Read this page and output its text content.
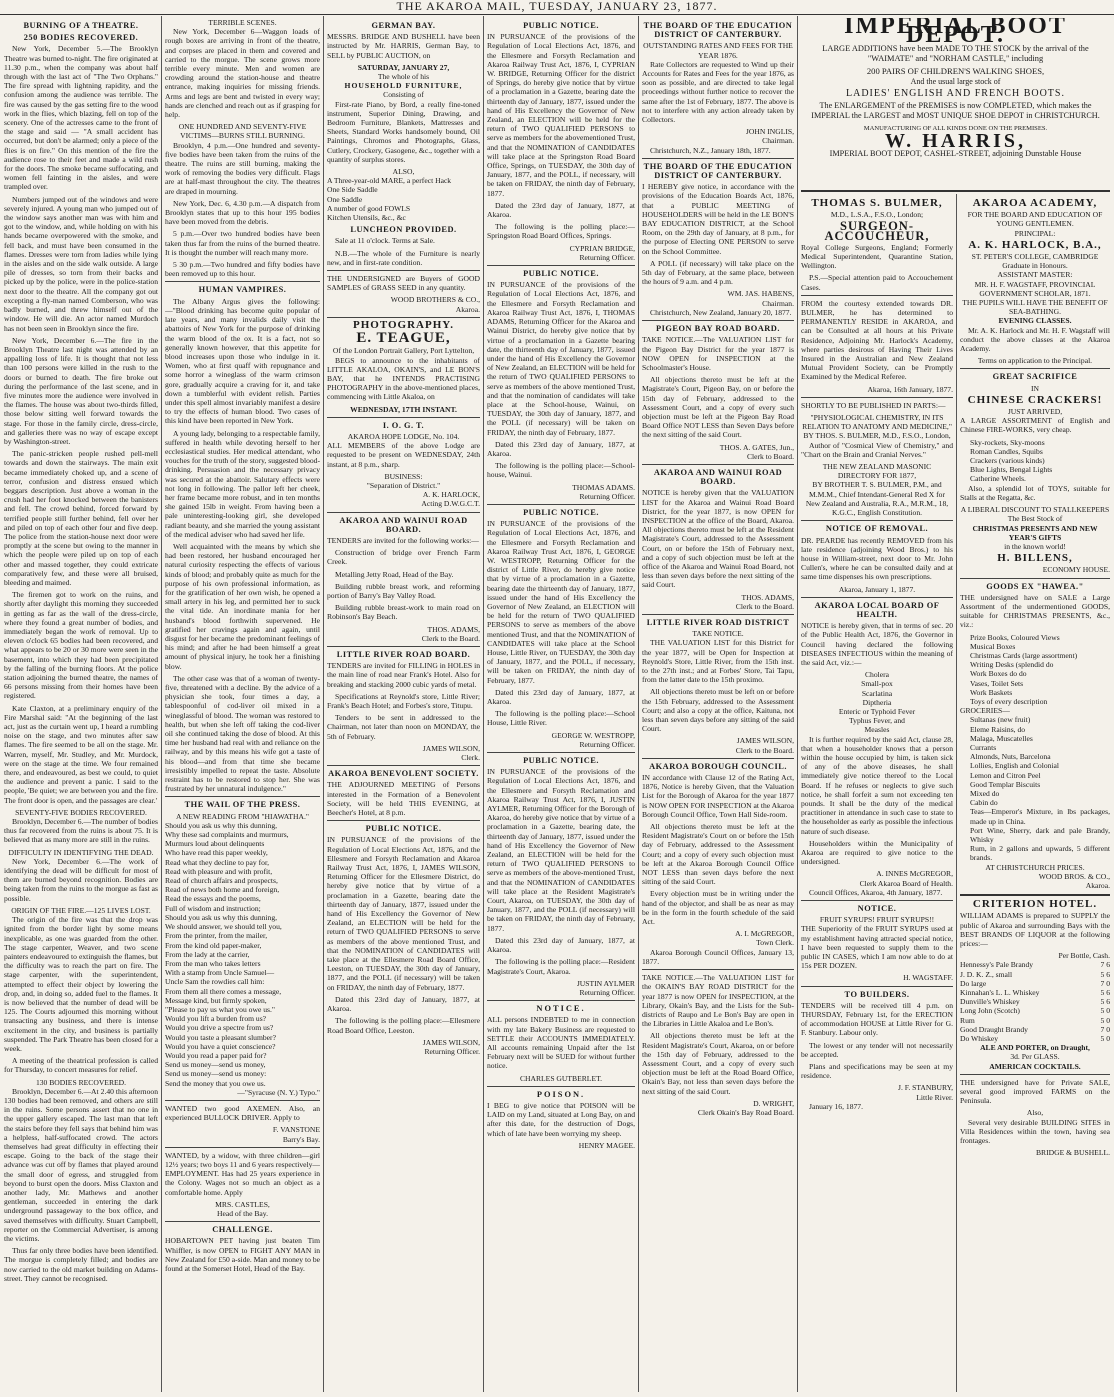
THE AKAROA MAIL, TUESDAY, JANUARY 23, 1877.
BURNING OF A THEATRE.
250 BODIES RECOVERED.

New York, December 5.—The Brooklyn Theatre was burned to-night. The fire originated at 11.30 p.m., when the company was about half through with the last act of "The Two Orphans." The fire spread with lightning rapidity, and the confusion among the audience was terrible. The fire was caused by the gas setting fire to the wood work in the flies, which blazing, fell on top of the scenery. One of the actresses came to the front of the stage and said — "A small accident has occurred, but don't be alarmed; only a piece of the flies is on fire." On this mention of the fire the audience rose to their feet and made a wild rush for the doors. The smoke became suffocating, and women fell fainting in the aisles, and were trampled over.

Numbers jumped out of the windows and were severely injured. A young man who jumped out of the window says another man was with him and got to the window, and, while holding on with his hands became overpowered with the smoke, and fell back, and must have been consumed in the flames. Dresses were torn from ladies while lying in the aisles and on the side walk outside. A large pile of dresses, so torn from their backs and picked up by the police, were in the police-station next door to the theatre. All the company got out excepting a fly-man named Comberson, who was badly burned, and threw himself out of the window. He will die. An actor named Murdoch has not been seen in Brooklyn since the fire.

New York, December 6.—The fire in the Brooklyn Theatre last night was attended by an appalling loss of life. It is thought that not less than 100 persons were killed in the rush to the doors or burned to death. The fire broke out during the performance of the last scene, and in five minutes more the audience were involved in the flames. The house was about two-thirds filled, those below sitting well forward towards the stage. For those in the family circle, dress-circle, and galleries there was no way of escape except by Washington-street.

The panic-stricken people rushed pell-mell towards and down the stairways. The main exit became immediately choked up, and a scene of terror, confusion and distress ensued which beggars description. Just above a woman in the crush had her foot knocked between the banisters and fell. The crowd behind, forced forward by terrified people still further behind, fell over her and piled on top of each other four and five deep. The police from the station-house next door were promptly at the scene but owing to the manner in which the people were piled up on top of each other and massed together, they could extricate comparatively few, and these were all bruised, bleeding and maimed.

The firemen got to work on the ruins, and shortly after daylight this morning they succeeded in getting as far as the wall of the dress-circle, where they found a great number of bodies, and immediately began the work of removal. Up to eleven o'clock 65 bodies had been recovered, and what appears to be 20 or 30 more were seen in the basement, into which they had been precipitated by the falling of the burning floors. At the police station adjoining the burned theatre, the names of 66 persons missing from their homes have been registered.

Kate Claxton, at a preliminary enquiry of the Fire Marshal said: "At the beginning of the last act, just as the curtain went up, I heard a rumbling noise on the stage, and two minutes after saw flames. The fire seemed to be all on the stage. Mr. Warren, myself, Mr. Studley, and Mr. Murdock, were on the stage at the time. We four remained there, and endeavoured, as best we could, to quiet the audience and prevent a panic. I said to the people, 'Be quiet; we are between you and the fire. The front door is open, and the passages are clear.'

SEVENTY-FIVE BODIES RECOVERED.

Brooklyn, December 6.—The number of bodies thus far recovered from the ruins is about 75. It is believed that as many more are still in the ruins.

DIFFICULTY IN IDENTIFYING THE DEAD.

New York, December 6.—The work of identifying the dead will be difficult for most of them are burned beyond recognition. Bodies are being taken from the ruins to the morgue as fast as possible.

ORIGIN OF THE FIRE.—125 LIVES LOST.

The origin of the fire was that the drop was ignited from the border light by some means inexplicable, as one was guarded from the other. The stage carpenter, Weaver, and two scene painters endeavoured to extinguish the flames, but the difficulty was to reach the part on fire. The stage carpenter, with the superintendent, attempted to effect their object by lowering the drop, and, in doing so, added fuel to the flames. It is now believed that the number of dead will be 125. The Courts adjourned this morning without transacting any business, and there is intense excitement in the city, and business is partially suspended. The Park Theatre has been closed for a week.

A meeting of the theatrical profession is called for Thursday, to concert measures for relief.

130 BODIES RECOVERED.

Brooklyn, December 6.—At 2.40 this afternoon 130 bodies had been removed, and others are still in the ruins. Some persons assert that no one in the upper gallery escaped. The last man that left the stairs before they fell says that behind him was a helpless, half-suffocated crowd. The actors themselves had great difficulty in effecting their escape. Going to the back of the stage their advance was cut off by flames that played around the small door of egress, and struggled from beyond to burst open the doors. Miss Claxton and another lady, Mr. Mathews and another gentleman, succeeded in entering the dark underground passageway to the box office, and saved themselves with difficulty. Stuart Campbell, reporter on the Commercial Advertiser, is among the victims.

Thus far only three bodies have been identified. The morgue is completely filled; and bodies are now carried to the old market building on Adams-street. They cannot be recognised.

TERRIBLE SCENES.

New York, December 6—Waggon loads of rough boxes are arriving in front of the theatre, and corpses are placed in them and covered and carried to the morgue. The scene grows more terrible every minute. Men and women are crowding around the station-house and theatre entrance, making inquiries for missing friends. Arms and legs are bent and twisted in every way; hands are clenched and reach out as if grasping for help.

ONE HUNDRED AND SEVENTY-FIVE VICTIMS—BURNS STILL BURNING.

Brooklyn, 4 p.m.—One hundred and seventy-five bodies have been taken from the ruins of the theatre. The ruins are still burning, making the work of removing the bodies very difficult. Flags are at half-mast throughout the city. The theatres are draped in mourning.

New York, Dec. 6, 4.30 p.m.—A dispatch from Brooklyn states that up to this hour 195 bodies have been moved from the debris.

5 p.m.—Over two hundred bodies have been taken thus far from the ruins of the burned theatre. It is thought the number will reach many more.

5 30 p.m.—Two hundred and fifty bodies have been removed up to this hour.

HUMAN VAMPIRES.

The Albany Argus gives the following:—"Blood drinking has become quite popular of late years, and many invalids daily visit the abattoirs of New York for the purpose of drinking the warm blood of the ox. It is a fact, not so generally known however, that this appetite for blood increases upon those who indulge in it. Women, who at first quaff with repugnance and some horror a wineglass of the warm crimson gore, gradually acquire a craving for it, and take down a tumblerful with evident relish. Parties under this spell almost invariably manifest a desire to try the effects of human blood. Two cases of this kind have been reported in New York.

A young lady, belonging to a respectable family, suffered in health while devoting herself to her ecclesiastical studies. Her medical attendant, who vouches for the truth of the story, suggested blood-drinking. Persuasion and the necessary privacy was secured at the abattoir. Salutary effects were not long in following. The pallor left her cheek, her frame became more robust, and in ten months she gained 15lb in weight. From having been a pale uninteresting-looking girl, she developed radiant beauty, and she married the young assistant of the medical adviser who had saved her life.

Well acquainted with the means by which she had been restored, her husband encouraged her natural curiosity respecting the effects of various kinds of blood; and probably quite as much for the purpose of his own professional information, as for the gratification of her own wish, he opened a small artery in his leg, and permitted her to suck the vital tide. An inordinate mania for her husband's blood forthwith supervened. He gratified her cravings again and again, until disgust for her became the predominant feelings of his mind; and after he had been himself a great amount of physical injury, he took her a finishing blow.

The other case was that of a woman of twenty-five, threatened with a decline. By the advice of a physician she took, four times a day, a tablespoonful of cod-liver oil mixed in a wineglassful of blood. The woman was restored to health, but when she left off taking the cod-liver oil she continued taking the dose of blood. At this time her husband had real with and reliance on the railway, and by this means his wife got a taste of his blood—and from that time she became irresistibly impelled to repeat the taste. Absolute restraint has to be restored to stop her. She was frustrated by her unnatural indulgence."

THE WAIL OF THE PRESS.
A NEW READING FROM "HIAWATHA."
Should you ask us why this dunning,
Why these sad complaints and murmurs,
Murmurs loud about delinquents
Who have read this paper weekly,
Read what they decline to pay for,
Read with pleasure and with profit,
Read of church affairs and prospects,
Read of news both home and foreign,
Read the essays and the poems,
Full of wisdom and instruction;
Should you ask us why this dunning,
We should answer, we should tell you,
From the printer, from the mailer,
From the kind old paper-maker,
From the lady at the carrier,
From the man who takes letters
With a stamp from Uncle Samuel—
Uncle Sam the rowdies call him:
From them all there comes a message,
Message kind, but firmly spoken,
"Please to pay us what you owe us."
Would you lift a burden from us?
Would you drive a spectre from us?
Would you taste a pleasant slumber?
Would you have a quiet conscience?
Would you read a paper paid for?
Send us money—send us money,
Send us money—send us money:
Send the money that you owe us.
—"Syracuse (N. Y.) Typo."

WANTED two good AXEMEN. Also, an experienced BULLOCK DRIVER. Apply to

F. VANSTONE
Barry's Bay.

WANTED, by a widow, with three children—girl 12½ years; two boys 11 and 6 years respectively—EMPLOYMENT. Has had 25 years experience in the Colony. Wages not so much an object as a comfortable home. Apply

MRS. CASTLES,
Head of the Bay.
CHALLENGE.

HOBARTOWN PET having just beaten Tim Whiffler, is now OPEN to FIGHT ANY MAN in New Zealand for £50 a-side. Man and money to be found at the Somerset Hotel, Head of the Bay.

GERMAN BAY.

MESSRS. BRIDGE AND BUSHELL have been instructed by Mr. HARRIS, German Bay, to SELL by PUBLIC AUCTION, on

SATURDAY, JANUARY 27,
The whole of his
HOUSEHOLD FURNITURE,
Consisting of

First-rate Piano, by Bord, a really fine-toned instrument, Superior Dining, Drawing, and Bedroom Furniture, Blankets, Mattresses and Sheets, Standard Works handsomely bound, Oil Paintings, Chromos and Photographs, Glass, Cutlery, Crockery, Gasogene, &c., together with a quantity of surplus stores.

ALSO,
A Three-year-old MARE, a perfect Hack
One Side Saddle
One Saddle
A number of good FOWLS
Kitchen Utensils, &c., &c
LUNCHEON PROVIDED.

Sale at 11 o'clock. Terms at Sale.

N.B.—The whole of the Furniture is nearly new, and in first-rate condition.

THE UNDERSIGNED are Buyers of GOOD SAMPLES of GRASS SEED in any quantity.

WOOD BROTHERS & CO.,
Akaroa.
PHOTOGRAPHY.
E. TEAGUE,
Of the London Portrait Gallery, Port Lyttelton,

BEGS to announce to the inhabitants of LITTLE AKALOA, OKAIN'S, and LE BON'S BAY, that he INTENDS PRACTISING PHOTOGRAPHY in the above-mentioned places, commencing with Little Akaloa, on

WEDNESDAY, 17TH INSTANT.
I. O. G. T.
AKAROA HOPE LODGE, No. 104.

ALL MEMBERS of the above Lodge are requested to be present on WEDNESDAY, 24th instant, at 8 p.m., sharp.

BUSINESS:
"Separation of District."
A. K. HARLOCK,
Acting D.W.G.C.T.
AKAROA AND WAINUI ROAD BOARD.

TENDERS are invited for the following works:—

Construction of bridge over French Farm Creek.

Metalling Jetty Road, Head of the Bay.

Building rubble breast work, and reforming portion of Barry's Bay Valley Road.

Building rubble breast-work to main road on Robinson's Bay Beach.

THOS. ADAMS,
Clerk to the Board.
LITTLE RIVER ROAD BOARD.

TENDERS are invited for FILLING in HOLES in the main line of road near Frank's Hotel. Also for breaking and stacking 2000 cubic yards of metal.

Specifications at Reynold's store, Little River; Frank's Beach Hotel; and Forbes's store, Titupu.

Tenders to be sent in addressed to the Chairman, not later than noon on MONDAY, the 5th of February.

JAMES WILSON,
Clerk.
AKAROA BENEVOLENT SOCIETY.

THE ADJOURNED MEETING of Persons interested in the Formation of a Benevolent Society, will be held THIS EVENING, at Beecher's Hotel, at 8 p.m.

PUBLIC NOTICE.

IN PURSUANCE of the provisions of the Regulation of Local Elections Act, 1876, and the Ellesmere and Forsyth Reclamation and Akaroa Railway Trust Act, 1876, I, JAMES WILSON, Returning Officer for the Ellesmere District, do hereby give notice that by virtue of a proclamation in a Gazette, bearing date the thirteenth day of January, 1877, issued under the hand of His Excellency the Governor of New Zealand, an ELECTION will be held for the return of TWO QUALIFIED PERSONS to serve as members of the above mentioned Trust, and that the NOMINATION of CANDIDATES will take place at the Ellesmere Road Board Office, Leeston, on TUESDAY, the 30th day of January, 1877, and the POLL (if necessary) will be taken on FRIDAY, the ninth day of February, 1877.

Dated this 23rd day of January, 1877, at Akaroa.

The following is the polling place:—Ellesmere Road Board Office, Leeston.

JAMES WILSON,
Returning Officer.
PUBLIC NOTICE.

IN PURSUANCE of the provisions of the Regulation of Local Elections Act, 1876, and the Ellesmere and Forsyth Reclamation and Akaroa Railway Trust Act, 1876, I, CYPRIAN W. BRIDGE, Returning Officer for the district of Springs, do hereby give notice that by virtue of a proclamation in a Gazette, bearing date the thirteenth day of January, 1877, issued under the hand of His Excellency the Governor of New Zealand, an ELECTION will be held for the return of TWO QUALIFIED PERSONS to serve as members for the abovementioned Trust, and that the NOMINATION of CANDIDATES will take place at the Springston Road Board Office, Springs, on TUESDAY, the 30th day of January, 1877, and the POLL, if necessary, will be taken on FRIDAY, the ninth day of February, 1877.

Dated the 23rd day of January, 1877, at Akaroa.

The following is the polling place:—Springston Road Board Offices, Springs.

CYPRIAN BRIDGE,
Returning Officer.
PUBLIC NOTICE.

IN PURSUANCE of the provisions of the Regulation of Local Elections Act, 1876, and the Ellesmere and Forsyth Reclamation and Akaroa Railway Trust Act, 1876, I, THOMAS ADAMS, Returning Officer for the Akaroa and Wainui District, do hereby give notice that by virtue of a proclamation in a Gazette bearing date, the thirteenth day of January, 1877, issued under the hand of His Excellency the Governor of New Zealand, an ELECTION will be held for the return of TWO QUALIFIED PERSONS to serve as members of the above mentioned Trust, and that the nomination of candidates will take place at the School-house, Wainui, on TUESDAY, the 30th day of January, 1877, and the POLL (if necessary) will be taken on FRIDAY, the ninth day of February, 1877.

Dated this 23rd day of January, 1877, at Akaroa.

The following is the polling place:—School-house, Wainui.

THOMAS ADAMS.
Returning Officer.
PUBLIC NOTICE.

IN PURSUANCE of the provisions of the Regulation of Local Elections Act, 1876, and the Ellesmere and Forsyth Reclamation and Akaroa Railway Trust Act, 1876, I, GEORGE W. WESTROPP, Returning Officer for the district of Little River, do hereby give notice that by virtue of a proclamation in a Gazette, bearing date the thirteenth day of January, 1877, issued under the hand of His Excellency the Governor of New Zealand, an ELECTION will be held for the return of TWO QUALIFIED PERSONS to serve as members of the above mentioned Trust, and that the NOMINATION of CANDIDATES will take place at the School House, Little River, on TUESDAY, the 30th day of January, 1877, and the POLL, if necessary, will be taken on FRIDAY, the ninth day of February, 1877.

Dated this 23rd day of January, 1877, at Akaroa.

The following is the polling place:—School House, Little River.

GEORGE W. WESTROPP,
Returning Officer.
PUBLIC NOTICE.

IN PURSUANCE of the provisions of the Regulation of Local Elections Act, 1876, and the Ellesmere and Forsyth Reclamation and Akaroa Railway Trust Act, 1876, I, JUSTIN AYLMER, Returning Officer for the Borough of Akaroa, do hereby give notice that by virtue of a proclamation in a Gazette, bearing date, the thirteenth day of January, 1877, issued under the hand of His Excellency the Governor of New Zealand, an ELECTION will be held for the return of TWO QUALIFIED PERSONS to serve as members of the above-mentioned Trust, and that the NOMINATION of CANDIDATES will take place at the Resident Magistrate's Court, Akaroa, on TUESDAY, the 30th day of January, 1877, and the POLL (if necessary) will be taken on FRIDAY, the ninth day of February, 1877.

Dated this 23rd day of January, 1877, at Akaroa.

The following is the polling place:—Resident Magistrate's Court, Akaroa.

JUSTIN AYLMER
Returning Officer.
NOTICE.

ALL persons INDEBTED to me in connection with my late Bakery Business are requested to SETTLE their ACCOUNTS IMMEDIATELY. All accounts remaining Unpaid after the 1st February next will be SUED for without further notice.

CHARLES GUTBERLET.
POISON.

I BEG to give notice that POISON will be LAID on my Land, situated at Long Bay, on and after this date, for the destruction of Dogs, which of late have been worrying my sheep.

HENRY MAGEE.
THE BOARD OF THE EDUCATION DISTRICT OF CANTERBURY.
OUTSTANDING RATES AND FEES FOR THE YEAR 1876.

Rate Collectors are requested to Wind up their Accounts for Rates and Fees for the year 1876, as soon as possible, and are directed to take legal proceedings without further notice to recover the same after the 1st of February, 1877. The above is not to interfere with any action already taken by Collectors.

JOHN INGLIS,
Chairman.

Christchurch, N.Z., January 18th, 1877.

THE BOARD OF THE EDUCATION DISTRICT OF CANTERBURY.

I HEREBY give notice, in accordance with the provisions of the Education Boards Act, 1876, that a PUBLIC MEETING of HOUSEHOLDERS will be held in the LE BON'S BAY EDUCATION DISTRICT, at the School Room, on the 29th day of January, at 8 p.m., for the purpose of Electing ONE PERSON to serve on the School Committee.

A POLL (if necessary) will take place on the 5th day of February, at the same place, between the hours of 9 a.m. and 4 p.m.

WM. JAS. HABENS,
Chairman.

Christchurch, New Zealand, January 20, 1877.

PIGEON BAY ROAD BOARD.

TAKE NOTICE.—The VALUATION LIST for the Pigeon Bay District for the year 1877 is NOW OPEN for INSPECTION at the Schoolmaster's House.

All objections thereto must be left at the Magistrate's Court, Pigeon Bay, on or before the 15th day of February, addressed to the Assessment Court, and a copy of every such objection must be left at the Pigeon Bay Road Board Office NOT LESS than Seven Days before the next sitting of the said Court.

THOS. A. GATES, Jun.,
Clerk to Board.
AKAROA AND WAINUI ROAD BOARD.

NOTICE is hereby given that the VALUATION LIST for the Akaroa and Wainui Road Board District, for the year 1877, is now OPEN for INSPECTION at the office of the Board, Akaroa. All objections thereto must be left at the Resident Magistrate's Court, addressed to the Assessment Court, on or before the 15th of February next, and a copy of such objection must be left at the office of the Akaroa and Wainui Road Board, not less than seven days before the next sitting of the said Court.

THOS. ADAMS,
Clerk to the Board.
LITTLE RIVER ROAD DISTRICT
TAKE NOTICE.

THE VALUATION LIST for this District for the year 1877, will be Open for Inspection at Reynold's Store, Little River, from the 15th inst. to the 27th inst.; and at Forbes' Store, Tai Tapu, from the latter date to the 15th proximo.

All objections thereto must be left on or before the 15th February, addressed to the Assessment Court; and also a copy at the office, Kaituna, not less than seven days before any sitting of the said Court.

JAMES WILSON,
Clerk to the Board.
AKAROA BOROUGH COUNCIL.

IN accordance with Clause 12 of the Rating Act, 1876, Notice is hereby Given, that the Valuation List for the Borough of Akaroa for the year 1877 is NOW OPEN FOR INSPECTION at the Akaroa Borough Council Office, Town Hall Side-room.

All objections thereto must be left at the Resident Magistrate's Court on or before the 15th day of February, addressed to the Assessment Court; and a copy of every such objection must be left at the Akaroa Borough Council Office NOT LESS than seven days before the next sitting of the said Court.

Every objection must be in writing under the hand of the objector, and shall be as near as may be in the form in the fourth schedule of the said Act.

A. I. McGREGOR,
Town Clerk.

Akaroa Borough Council Offices, January 13, 1877.

TAKE NOTICE.—The VALUATION LIST for the OKAIN'S BAY ROAD DISTRICT for the year 1877 is now OPEN for INSPECTION, at the Library, Okain's Bay, and the Lists for the Sub-districts of Raupo and Le Bon's Bay are open in the Libraries in Little Akaloa and Le Bon's.

All objections thereto must be left at the Resident Magistrate's Court, Akaroa, on or before the 15th day of February, addressed to the Assessment Court, and a copy of every such objection must be left at the Road Board Office, Okain's Bay, not less than seven days before the next sitting of the said Court.

D. WRIGHT,
Clerk Okain's Bay Road Board.
IMPERIAL BOOT DEPOT.
LARGE ADDITIONS have been MADE TO THE STOCK by the arrival of the "WAIMATE" and "NORHAM CASTLE," including
200 PAIRS OF CHILDREN'S WALKING SHOES,
And the usual large stock of
LADIES' ENGLISH AND FRENCH BOOTS.
The ENLARGEMENT of the PREMISES is now COMPLETED, which makes the IMPERIAL the LARGEST and MOST UNIQUE SHOE DEPOT in CHRISTCHURCH.
MANUFACTURING OF ALL KINDS DONE ON THE PREMISES.
W. HARRIS,
IMPERIAL BOOT DEPOT, CASHEL-STREET, adjoining Dunstable House
THOMAS S. BULMER,
M.D., L.S.A., F.S.O., London;
SURGEON-ACCOUCHEUR,

Royal College Surgeons, England; Formerly Medical Superintendent, Quarantine Station, Wellington.

P.S.—Special attention paid to Accouchement Cases.

FROM the courtesy extended towards DR. BULMER, he has determined to PERMANENTLY RESIDE in AKAROA, and can be Consulted at all hours at his Private Residence, Adjoining Mr. Harlock's Academy, where parties desirous of Having Their Lives Insured in the Australian and New Zealand Mutual Provident Society, can be Promptly Examined by the Medical Referee.

Akaroa, 16th January, 1877.

SHORTLY TO BE PUBLISHED IN PARTS:—

"PHYSIOLOGICAL CHEMISTRY, IN ITS RELATION TO ANATOMY AND MEDICINE,"
BY THOS. S. BULMER, M.D., F.S.O., London,

Author of "Cosmical View of Chemistry," and "Chart on the Brain and Cranial Nerves."

THE NEW ZEALAND MASONIC DIRECTORY FOR 1877,
BY BROTHER T. S. BULMER, P.M., and M.M.M., Chief Intendant-General Red X for New Zealand and Australia, R.A., M.R.M., 18, K.G.C., English Constitution.
NOTICE OF REMOVAL.

DR. PEARDE has recently REMOVED from his late residence (adjoining Wood Bros.) to his house in William-street, next door to Mr. John Cullen's, where he can be consulted daily and at same time dispenses his own prescriptions.

Akaroa, January 1, 1877.
AKAROA LOCAL BOARD OF HEALTH.

NOTICE is hereby given, that in terms of sec. 20 of the Public Health Act, 1876, the Governor in Council having declared the following DISEASES INFECTIOUS within the meaning of the said Act, viz.:—

Cholera
Small-pox
Scarlatina
Diptheria
Enteric or Typhoid Fever
Typhus Fever, and
Measles

It is further required by the said Act, clause 28, that when a householder knows that a person within the house occupied by him, is taken sick of any of the above diseases, he shall immediately give notice thereof to the Local Board. If he refuses or neglects to give such notice, he shall forfeit a sum not exceeding ten pounds. It shall be the duty of the medical practitioner in attendance in such case to state to the householder as early as possible the infectious nature of such disease.

Householders within the Municipality of Akaroa are required to give notice to the undersigned.

A. INNES McGREGOR,
Clerk Akaroa Board of Health.

Council Offices, Akaroa, 4th January, 1877.

NOTICE.
FRUIT SYRUPS! FRUIT SYRUPS!!

THE Superiority of the FRUIT SYRUPS used at my establishment having attracted special notice, I have been requested to supply them to the public IN CASES, which I am now able to do at 15s PER DOZEN.

H. WAGSTAFF.
TO BUILDERS.

TENDERS will be received till 4 p.m. on THURSDAY, February 1st, for the ERECTION of accommodation HOUSE at Little River for G. F. Stanbury. Labour only.

The lowest or any tender will not necessarily be accepted.

Plans and specifications may be seen at my residence.

J. F. STANBURY,
Little River.

January 16, 1877.

AKAROA ACADEMY,
FOR THE BOARD AND EDUCATION OF YOUNG GENTLEMEN.
PRINCIPAL:
A. K. HARLOCK, B.A.,
ST. PETER'S COLLEGE, CAMBRIDGE Graduate in Honours.
ASSISTANT MASTER:
MR. H. F. WAGSTAFF, PROVINCIAL GOVERNMENT SCHOLAR, 1871.
THE PUPILS WILL HAVE THE BENEFIT OF SEA-BATHING.
EVENING CLASSES.

Mr. A. K. Harlock and Mr. H. F. Wagstaff will conduct the above classes at the Akaroa Academy.

Terms on application to the Principal.
GREAT SACRIFICE
IN
CHINESE CRACKERS!
JUST ARRIVED,

A LARGE ASSORTMENT of English and Chinese FIRE-WORKS, very cheap.

Sky-rockets, Sky-moons
Roman Candles, Squibs
Crackers (various kinds)
Blue Lights, Bengal Lights
Catherine Wheels.

Also, a splendid lot of TOYS, suitable for Stalls at the Regatta, &c.

A LIBERAL DISCOUNT TO STALLKEEPERS
The Best Stock of
CHRISTMAS PRESENTS AND NEW YEAR'S GIFTS
in the known world!
H. BILLENS,
ECONOMY HOUSE.
GOODS EX "HAWEA."

THE undersigned have on SALE a Large Assortment of the undermentioned GOODS, suitable for CHRISTMAS PRESENTS, &c., viz.:

Prize Books, Coloured Views
Musical Boxes
Christmas Cards (large assortment)
Writing Desks (splendid do
Work Boxes do do
Vases, Toilet Sets
Work Baskets
Toys of every description
GROCERIES—
Sultanas (new fruit)
Eleme Raisins, do
Malaga, Muscatelles
Currants
Almonds, Nuts, Barcelona
Lollies, English and Colonial
Lemon and Citron Peel
Good Templar Biscuits
Mixed do
Cabin do
Teas—Emperor's Mixture, in lbs packages, made up in China.
Port Wine, Sherry, dark and pale Brandy, Whisky
Rum, in 2 gallons and upwards, 5 different brands.
AT CHRISTCHURCH PRICES.
WOOD BROS. & CO.,
Akaroa.
CRITERION HOTEL.

WILLIAM ADAMS is prepared to SUPPLY the public of Akaroa and surrounding Bays with the BEST BRANDS OF LIQUOR at the following prices:—

Per Bottle, Cash.
Hennessy's Pale Brandy	7 6
J. D. K. Z., small	5 6
Do large	7 0
Kinnahan's L. L. Whiskey	5 6
Dunville's Whiskey	5 6
Long John (Scotch)	5 0
Rum	5 0
Good Draught Brandy	7 0
Do Whiskey	5 0
ALE AND PORTER, on Draught,
3d. Per GLASS.
AMERICAN COCKTAILS.

THE undersigned have for Private SALE, several good improved FARMS on the Peninsula.

Also,

Several very desirable BUILDING SITES in Villa Residences within the town, having sea frontages.

BRIDGE & BUSHELL.
